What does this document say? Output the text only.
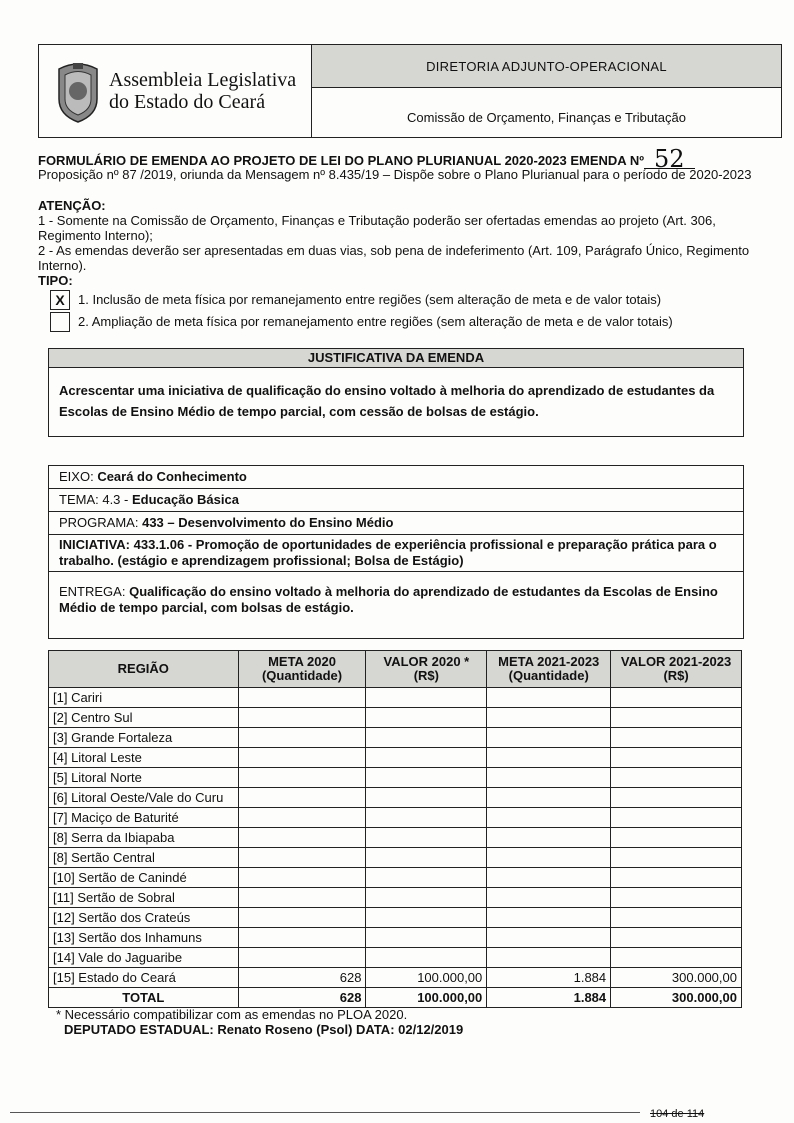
Assembleia Legislativa
do Estado do Ceará
DIRETORIA ADJUNTO-OPERACIONAL
Comissão de Orçamento, Finanças e Tributação
FORMULÁRIO DE EMENDA AO PROJETO DE LEI DO PLANO PLURIANUAL 2020-2023 EMENDA Nº 52
Proposição nº 87 /2019, oriunda da Mensagem nº 8.435/19 – Dispõe sobre o Plano Plurianual para o período de 2020-2023
ATENÇÃO:
1 - Somente na Comissão de Orçamento, Finanças e Tributação poderão ser ofertadas emendas ao projeto (Art. 306, Regimento Interno);
2 - As emendas deverão ser apresentadas em duas vias, sob pena de indeferimento (Art. 109, Parágrafo Único, Regimento Interno).
TIPO:
X	1. Inclusão de meta física por remanejamento entre regiões (sem alteração de meta e de valor totais)
2. Ampliação de meta física por remanejamento entre regiões (sem alteração de meta e de valor totais)
JUSTIFICATIVA DA EMENDA
Acrescentar uma iniciativa de qualificação do ensino voltado à melhoria do aprendizado de estudantes da Escolas de Ensino Médio de tempo parcial, com cessão de bolsas de estágio.
EIXO: Ceará do Conhecimento
TEMA: 4.3 - Educação Básica
PROGRAMA: 433 – Desenvolvimento do Ensino Médio
INICIATIVA: 433.1.06 - Promoção de oportunidades de experiência profissional e preparação prática para o trabalho. (estágio e aprendizagem profissional; Bolsa de Estágio)
ENTREGA: Qualificação do ensino voltado à melhoria do aprendizado de estudantes da Escolas de Ensino Médio de tempo parcial, com bolsas de estágio.
REGIÃO	META 2020 (Quantidade)	VALOR 2020 * (R$)	META 2021-2023 (Quantidade)	VALOR 2021-2023 (R$)
[1] Cariri				
[2] Centro Sul				
[3] Grande Fortaleza				
[4] Litoral Leste				
[5] Litoral Norte				
[6] Litoral Oeste/Vale do Curu				
[7] Maciço de Baturité				
[8] Serra da Ibiapaba				
[8] Sertão Central				
[10] Sertão de Canindé				
[11] Sertão de Sobral				
[12] Sertão dos Crateús				
[13] Sertão dos Inhamuns				
[14] Vale do Jaguaribe				
[15] Estado do Ceará	628	100.000,00	1.884	300.000,00
TOTAL	628	100.000,00	1.884	300.000,00
* Necessário compatibilizar com as emendas no PLOA 2020.
DEPUTADO ESTADUAL: Renato Roseno (Psol) DATA: 02/12/2019
104 de 114
